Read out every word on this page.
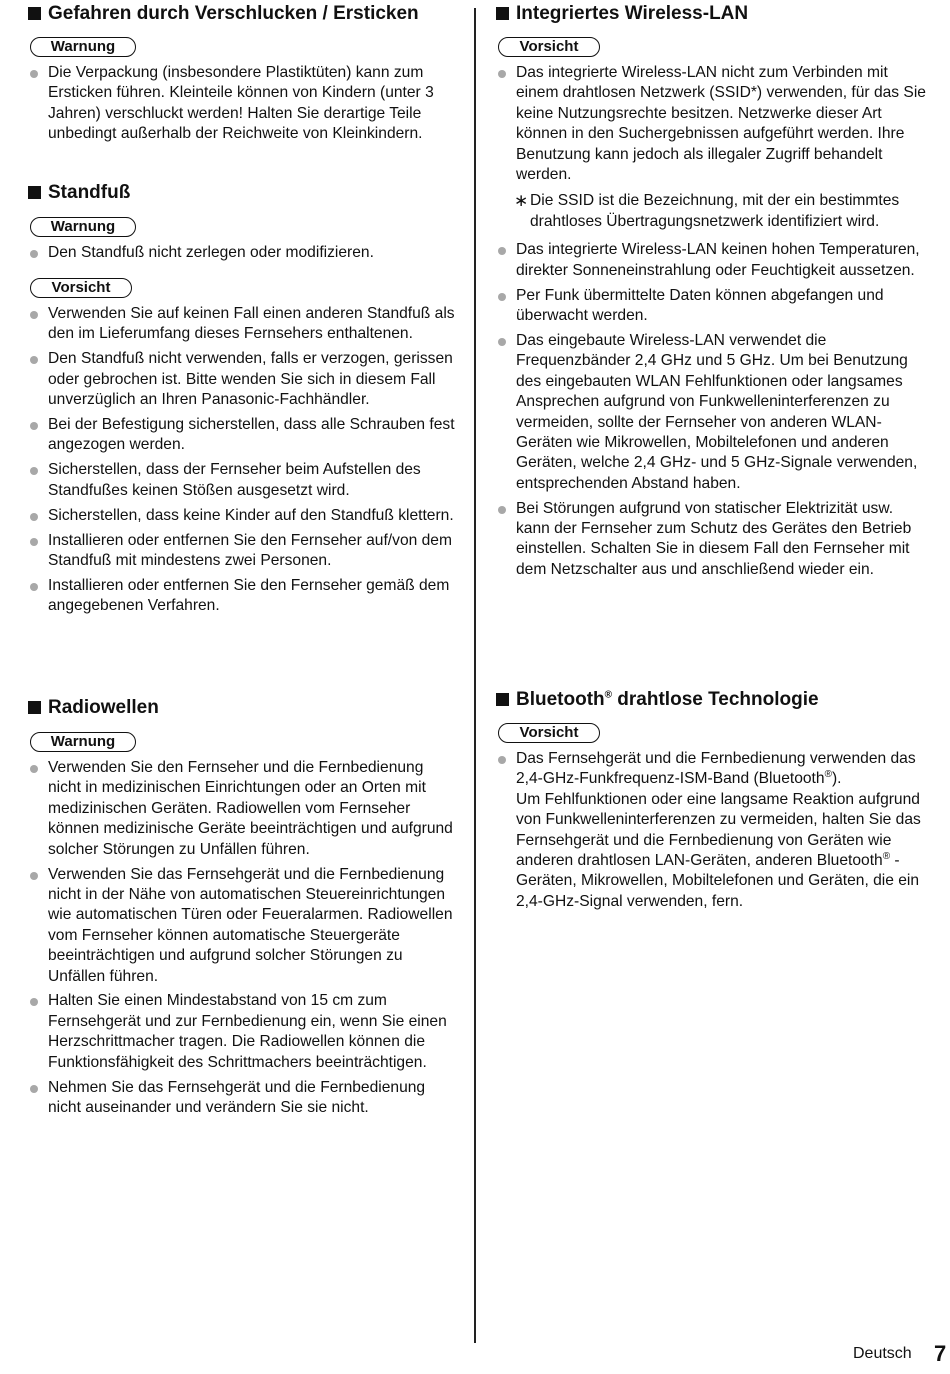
Gefahren durch Verschlucken / Ersticken
Warnung
Die Verpackung (insbesondere Plastiktüten) kann zum Ersticken führen. Kleinteile können von Kindern (unter 3 Jahren) verschluckt werden! Halten Sie derartige Teile unbedingt außerhalb der Reichweite von Kleinkindern.
Standfuß
Warnung
Den Standfuß nicht zerlegen oder modifizieren.
Vorsicht
Verwenden Sie auf keinen Fall einen anderen Standfuß als den im Lieferumfang dieses Fernsehers enthaltenen.
Den Standfuß nicht verwenden, falls er verzogen, gerissen oder gebrochen ist. Bitte wenden Sie sich in diesem Fall unverzüglich an Ihren Panasonic-Fachhändler.
Bei der Befestigung sicherstellen, dass alle Schrauben fest angezogen werden.
Sicherstellen, dass der Fernseher beim Aufstellen des Standfußes keinen Stößen ausgesetzt wird.
Sicherstellen, dass keine Kinder auf den Standfuß klettern.
Installieren oder entfernen Sie den Fernseher auf/von dem Standfuß mit mindestens zwei Personen.
Installieren oder entfernen Sie den Fernseher gemäß dem angegebenen Verfahren.
Radiowellen
Warnung
Verwenden Sie den Fernseher und die Fernbedienung nicht in medizinischen Einrichtungen oder an Orten mit medizinischen Geräten. Radiowellen vom Fernseher können medizinische Geräte beeinträchtigen und aufgrund solcher Störungen zu Unfällen führen.
Verwenden Sie das Fernsehgerät und die Fernbedienung nicht in der Nähe von automatischen Steuereinrichtungen wie automatischen Türen oder Feueralarmen. Radiowellen vom Fernseher können automatische Steuergeräte beeinträchtigen und aufgrund solcher Störungen zu Unfällen führen.
Halten Sie einen Mindestabstand von 15 cm zum Fernsehgerät und zur Fernbedienung ein, wenn Sie einen Herzschrittmacher tragen. Die Radiowellen können die Funktionsfähigkeit des Schrittmachers beeinträchtigen.
Nehmen Sie das Fernsehgerät und die Fernbedienung nicht auseinander und verändern Sie sie nicht.
Integriertes Wireless-LAN
Vorsicht
Das integrierte Wireless-LAN nicht zum Verbinden mit einem drahtlosen Netzwerk (SSID*) verwenden, für das Sie keine Nutzungsrechte besitzen. Netzwerke dieser Art können in den Suchergebnissen aufgeführt werden. Ihre Benutzung kann jedoch als illegaler Zugriff behandelt werden.
∗ Die SSID ist die Bezeichnung, mit der ein bestimmtes drahtloses Übertragungsnetzwerk identifiziert wird.
Das integrierte Wireless-LAN keinen hohen Temperaturen, direkter Sonneneinstrahlung oder Feuchtigkeit aussetzen.
Per Funk übermittelte Daten können abgefangen und überwacht werden.
Das eingebaute Wireless-LAN verwendet die Frequenzbänder 2,4 GHz und 5 GHz. Um bei Benutzung des eingebauten WLAN Fehlfunktionen oder langsames Ansprechen aufgrund von Funkwelleninterferenzen zu vermeiden, sollte der Fernseher von anderen WLAN-Geräten wie Mikrowellen, Mobiltelefonen und anderen Geräten, welche 2,4 GHz- und 5 GHz-Signale verwenden, entsprechenden Abstand haben.
Bei Störungen aufgrund von statischer Elektrizität usw. kann der Fernseher zum Schutz des Gerätes den Betrieb einstellen. Schalten Sie in diesem Fall den Fernseher mit dem Netzschalter aus und anschließend wieder ein.
Bluetooth® drahtlose Technologie
Vorsicht
Das Fernsehgerät und die Fernbedienung verwenden das 2,4-GHz-Funkfrequenz-ISM-Band (Bluetooth®).
Um Fehlfunktionen oder eine langsame Reaktion aufgrund von Funkwelleninterferenzen zu vermeiden, halten Sie das Fernsehgerät und die Fernbedienung von Geräten wie anderen drahtlosen LAN-Geräten, anderen Bluetooth® -Geräten, Mikrowellen, Mobiltelefonen und Geräten, die ein 2,4-GHz-Signal verwenden, fern.
Deutsch 7
